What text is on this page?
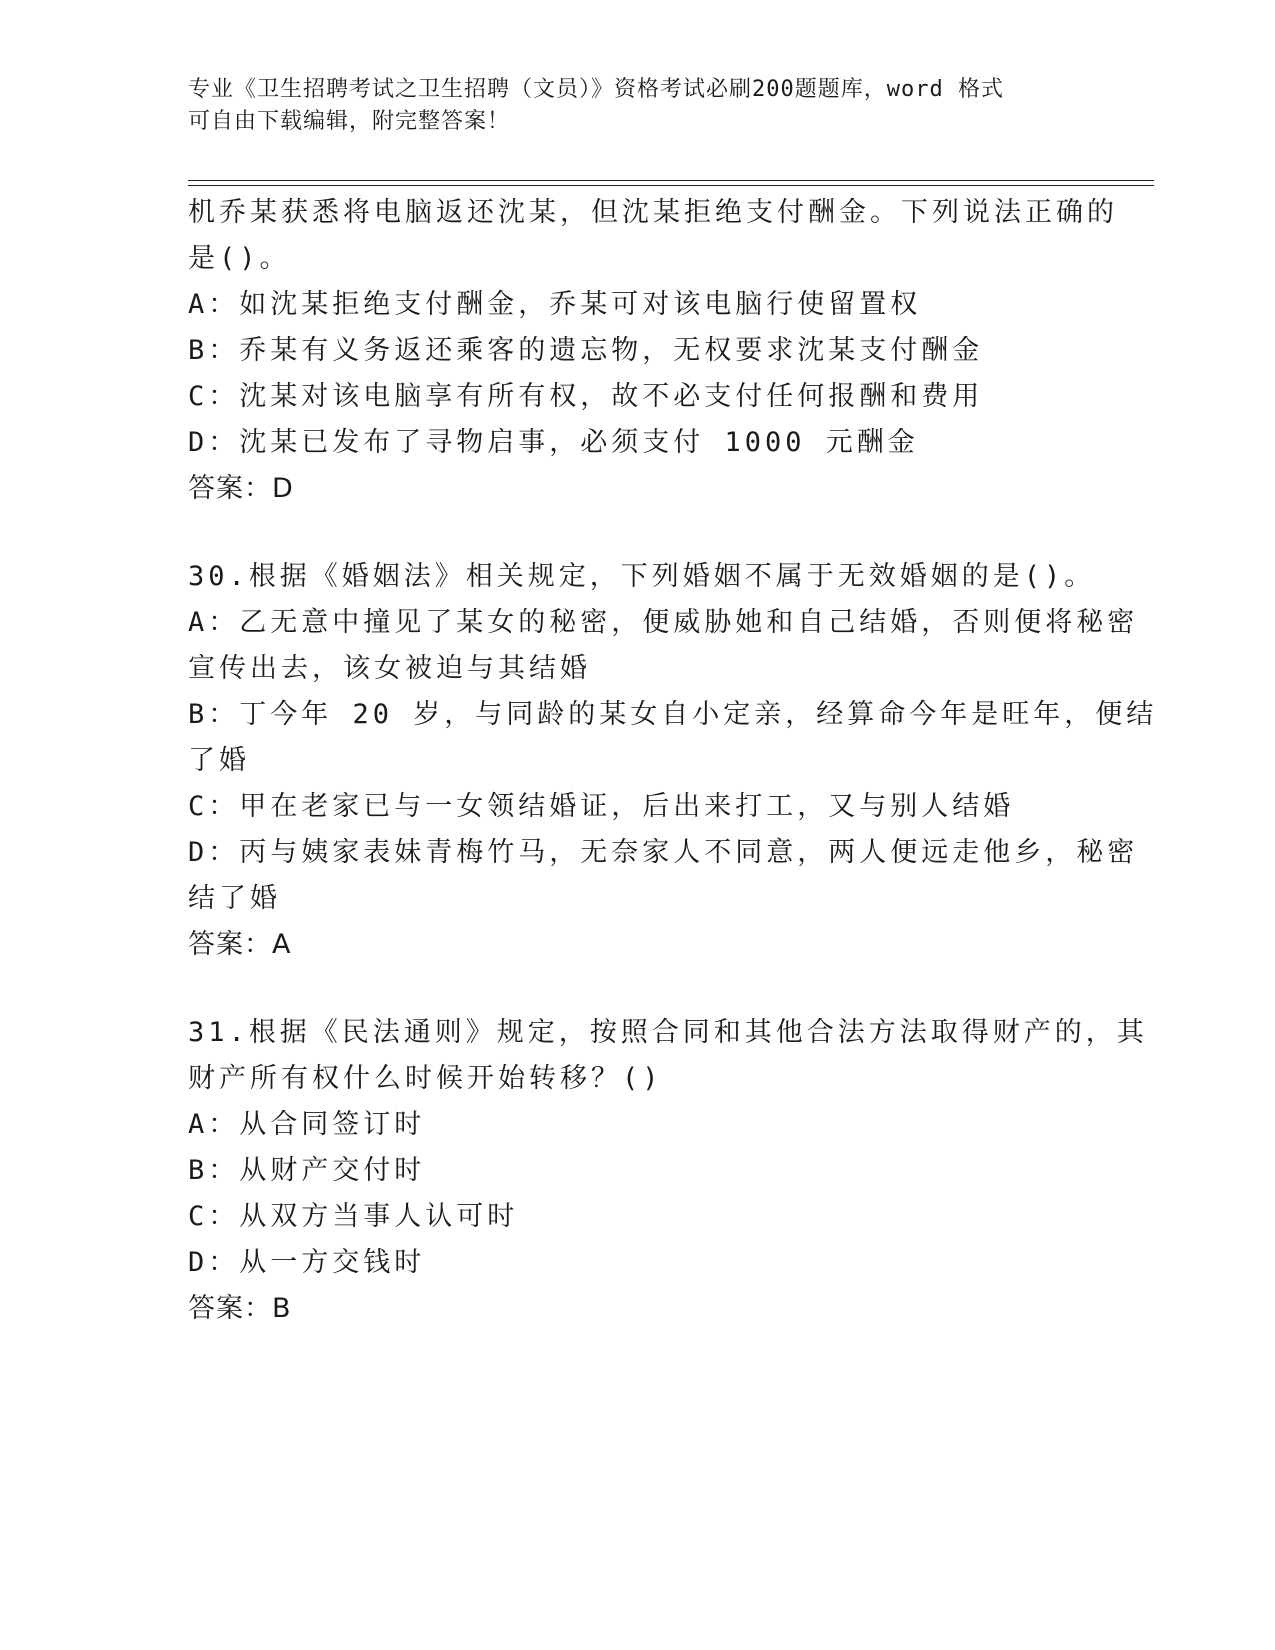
专业《卫生招聘考试之卫生招聘（文员）》资格考试必刷200题题库，word 格式
可自由下载编辑，附完整答案！
机乔某获悉将电脑返还沈某，但沈某拒绝支付酬金。下列说法正确的
是()。
A：如沈某拒绝支付酬金，乔某可对该电脑行使留置权
B：乔某有义务返还乘客的遗忘物，无权要求沈某支付酬金
C：沈某对该电脑享有所有权，故不必支付任何报酬和费用
D：沈某已发布了寻物启事，必须支付 1000 元酬金
答案：D
30.根据《婚姻法》相关规定，下列婚姻不属于无效婚姻的是()。
A：乙无意中撞见了某女的秘密，便威胁她和自己结婚，否则便将秘密
宣传出去，该女被迫与其结婚
B：丁今年 20 岁，与同龄的某女自小定亲，经算命今年是旺年，便结
了婚
C：甲在老家已与一女领结婚证，后出来打工，又与别人结婚
D：丙与姨家表妹青梅竹马，无奈家人不同意，两人便远走他乡，秘密
结了婚
答案：A
31.根据《民法通则》规定，按照合同和其他合法方法取得财产的，其
财产所有权什么时候开始转移？()
A：从合同签订时
B：从财产交付时
C：从双方当事人认可时
D：从一方交钱时
答案：B
